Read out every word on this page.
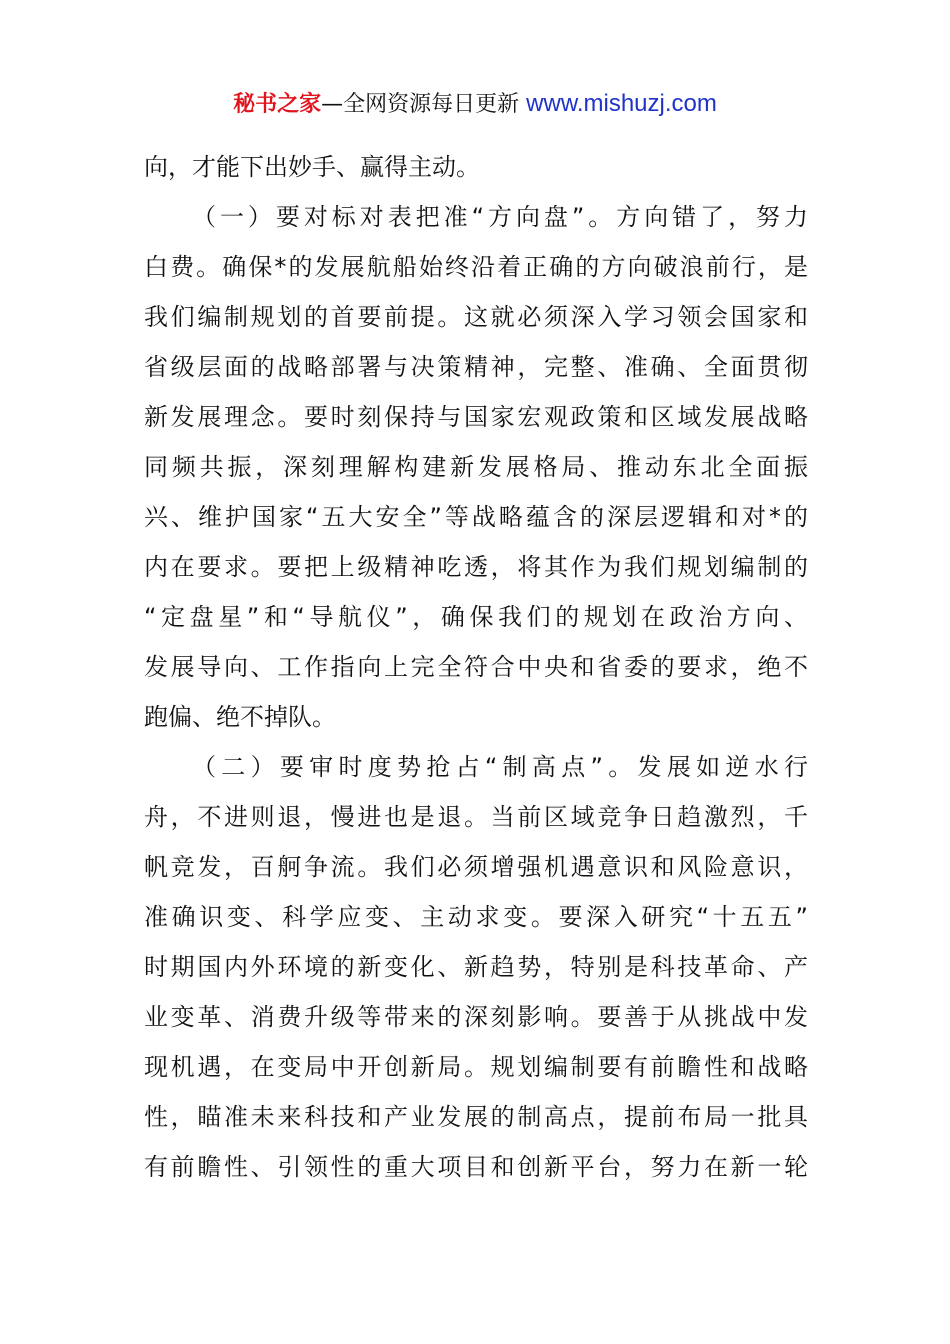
秘书之家—全网资源每日更新 www.mishuzj.com
向，才能下出妙手、赢得主动。
（一）要对标对表把准“方向盘”。方向错了，努力
白费。确保*的发展航船始终沿着正确的方向破浪前行，是
我们编制规划的首要前提。这就必须深入学习领会国家和
省级层面的战略部署与决策精神，完整、准确、全面贯彻
新发展理念。要时刻保持与国家宏观政策和区域发展战略
同频共振，深刻理解构建新发展格局、推动东北全面振
兴、维护国家“五大安全”等战略蕴含的深层逻辑和对*的
内在要求。要把上级精神吃透，将其作为我们规划编制的
“定盘星”和“导航仪”，确保我们的规划在政治方向、
发展导向、工作指向上完全符合中央和省委的要求，绝不
跑偏、绝不掉队。
（二）要审时度势抢占“制高点”。发展如逆水行
舟，不进则退，慢进也是退。当前区域竞争日趋激烈，千
帆竞发，百舸争流。我们必须增强机遇意识和风险意识，
准确识变、科学应变、主动求变。要深入研究“十五五”
时期国内外环境的新变化、新趋势，特别是科技革命、产
业变革、消费升级等带来的深刻影响。要善于从挑战中发
现机遇，在变局中开创新局。规划编制要有前瞻性和战略
性，瞄准未来科技和产业发展的制高点，提前布局一批具
有前瞻性、引领性的重大项目和创新平台，努力在新一轮
